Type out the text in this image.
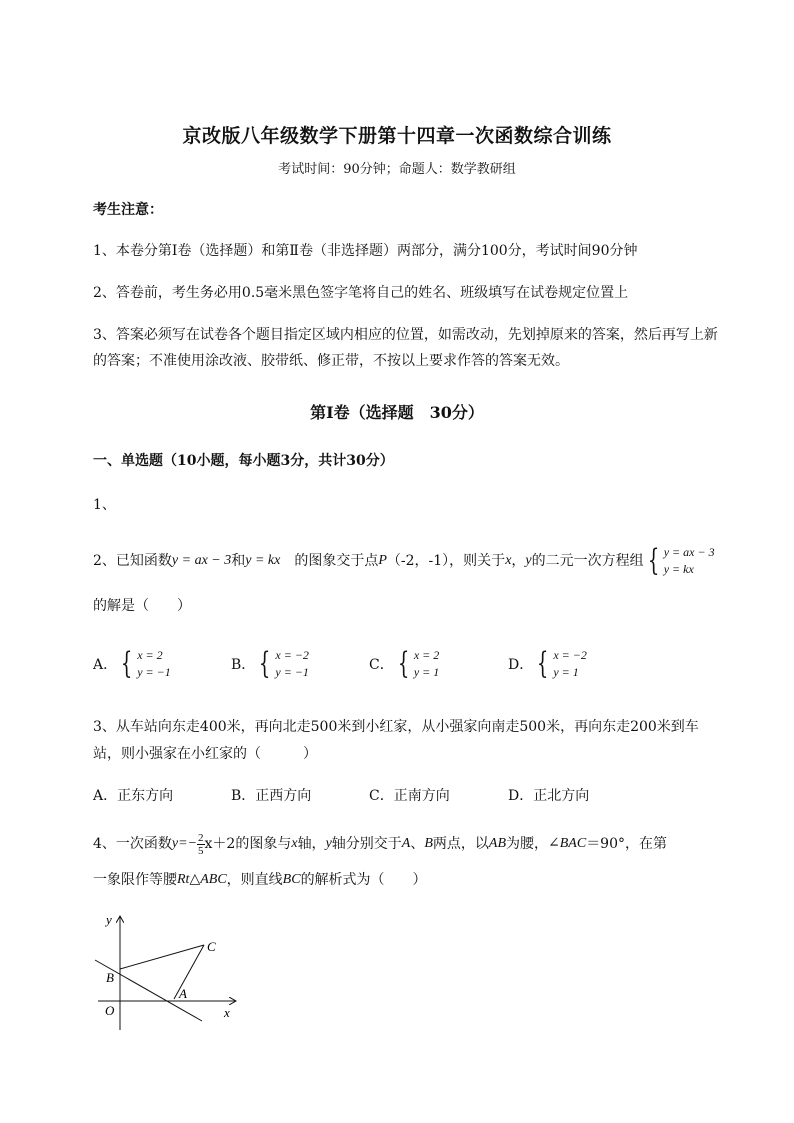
京改版八年级数学下册第十四章一次函数综合训练
考试时间：90分钟；命题人：数学教研组
考生注意：
1、本卷分第I卷（选择题）和第Ⅱ卷（非选择题）两部分，满分100分，考试时间90分钟
2、答卷前，考生务必用0.5毫米黑色签字笔将自己的姓名、班级填写在试卷规定位置上
3、答案必须写在试卷各个题目指定区域内相应的位置，如需改动，先划掉原来的答案，然后再写上新
的答案；不准使用涂改液、胶带纸、修正带，不按以上要求作答的答案无效。
第I卷（选择题　30分）
一、单选题（10小题，每小题3分，共计30分）
1、
2、已知函数 y = ax − 3 和 y = kx 　的图象交于点 P （-2，-1），则关于 x ， y 的二元一次方程组 { y = ax − 3
y = kx
的解是（　　）
A． { x = 2
y = −1	B． { x = −2
y = −1	C． { x = 2
y = 1	D． { x = −2
y = 1
3、从车站向东走400米，再向北走500米到小红家，从小强家向南走500米，再向东走200米到车
站，则小强家在小红家的（　　　）
A．正东方向	B．正西方向	C．正南方向	D．正北方向
4、一次函数 $y=- \frac{2}{5} x+2$的图象与 x 轴， y 轴分别交于 A 、 B 两点，以 AB 为腰， ∠BAC ＝90°，在第
一象限作等腰 Rt △ABC ，则直线 BC 的解析式为（　　）
y
x
O
B
A
C
